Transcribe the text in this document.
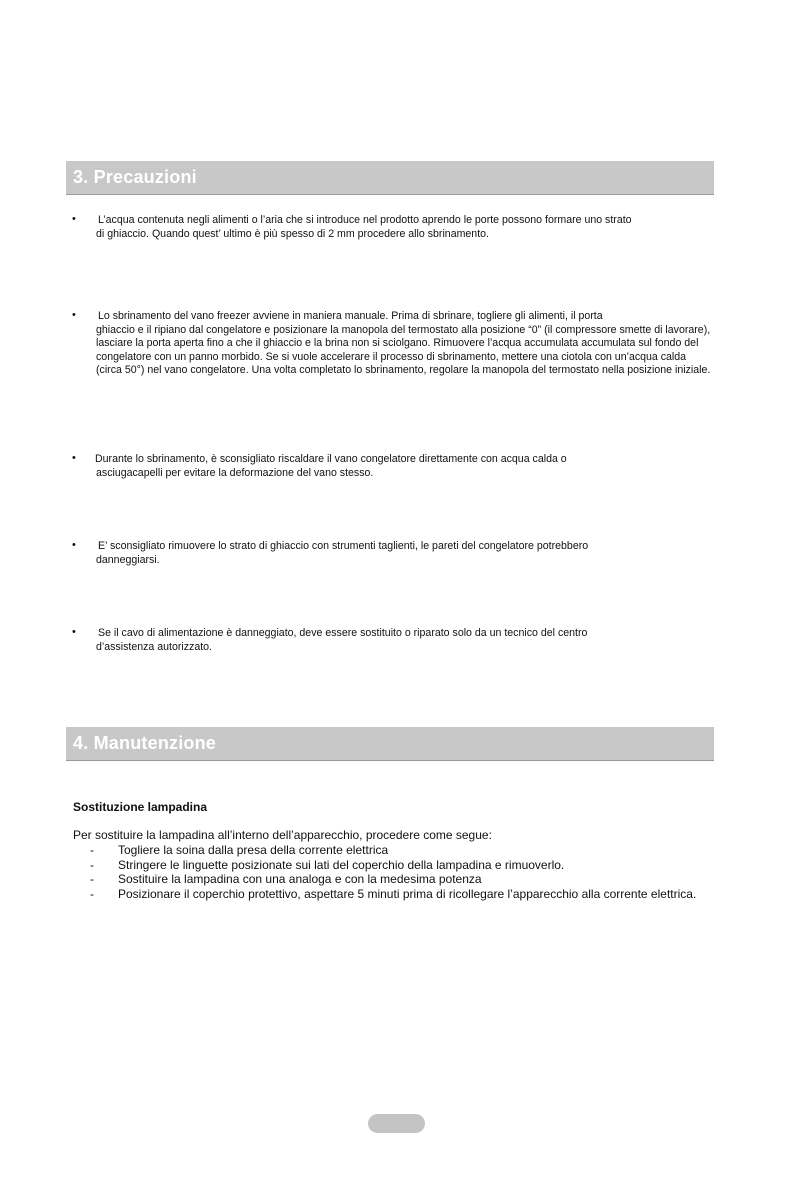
3. Precauzioni
•	L’acqua contenuta negli alimenti o l’aria che si introduce nel prodotto aprendo le porte possono formare uno strato
di ghiaccio. Quando quest’ ultimo è più spesso di 2 mm procedere allo sbrinamento.
•	Lo sbrinamento del vano freezer avviene in maniera manuale. Prima di sbrinare, togliere gli alimenti, il porta
ghiaccio e il ripiano dal congelatore e posizionare la manopola del termostato alla posizione “0” (il compressore smette di lavorare), lasciare la porta aperta fino a che il ghiaccio e la brina non si sciolgano. Rimuovere l’acqua accumulata accumulata sul fondo del congelatore con un panno morbido. Se si vuole accelerare il processo di sbrinamento, mettere una ciotola con un’acqua calda (circa 50°) nel vano congelatore. Una volta completato lo sbrinamento, regolare la manopola del termostato nella posizione iniziale.
•	Durante lo sbrinamento, è sconsigliato riscaldare il vano congelatore direttamente con acqua calda o
asciugacapelli per evitare la deformazione del vano stesso.
•	E’ sconsigliato rimuovere lo strato di ghiaccio con strumenti taglienti, le pareti del congelatore potrebbero
danneggiarsi.
•	Se il cavo di alimentazione è danneggiato, deve essere sostituito o riparato solo da un tecnico del centro
d’assistenza autorizzato.
4. Manutenzione
Sostituzione lampadina
Per sostituire la lampadina all’interno dell’apparecchio, procedere come segue:
- Togliere la soina dalla presa della corrente elettrica
- Stringere le linguette posizionate sui lati del coperchio della lampadina e rimuoverlo.
- Sostituire la lampadina con una analoga e con la medesima potenza
- Posizionare il coperchio protettivo, aspettare 5 minuti prima di ricollegare l’apparecchio alla corrente elettrica.
